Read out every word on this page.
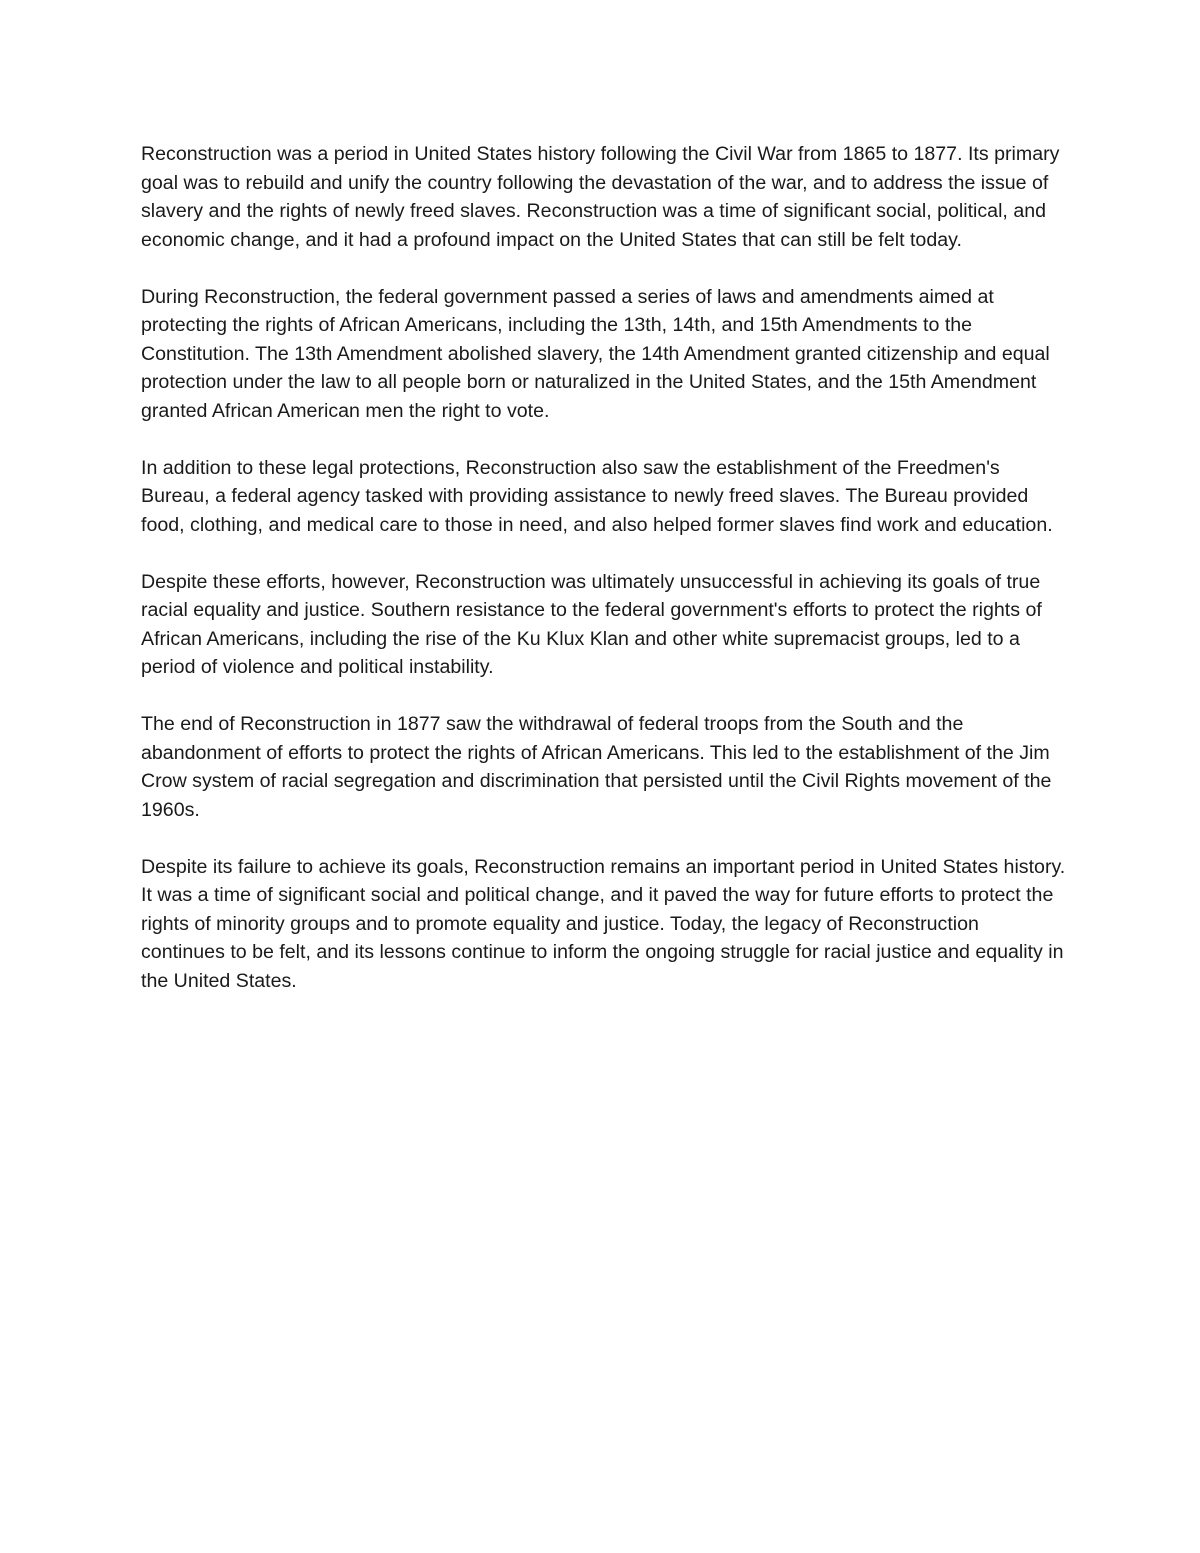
Reconstruction was a period in United States history following the Civil War from 1865 to 1877. Its primary goal was to rebuild and unify the country following the devastation of the war, and to address the issue of slavery and the rights of newly freed slaves. Reconstruction was a time of significant social, political, and economic change, and it had a profound impact on the United States that can still be felt today.

During Reconstruction, the federal government passed a series of laws and amendments aimed at protecting the rights of African Americans, including the 13th, 14th, and 15th Amendments to the Constitution. The 13th Amendment abolished slavery, the 14th Amendment granted citizenship and equal protection under the law to all people born or naturalized in the United States, and the 15th Amendment granted African American men the right to vote.

In addition to these legal protections, Reconstruction also saw the establishment of the Freedmen's Bureau, a federal agency tasked with providing assistance to newly freed slaves. The Bureau provided food, clothing, and medical care to those in need, and also helped former slaves find work and education.

Despite these efforts, however, Reconstruction was ultimately unsuccessful in achieving its goals of true racial equality and justice. Southern resistance to the federal government's efforts to protect the rights of African Americans, including the rise of the Ku Klux Klan and other white supremacist groups, led to a period of violence and political instability.

The end of Reconstruction in 1877 saw the withdrawal of federal troops from the South and the abandonment of efforts to protect the rights of African Americans. This led to the establishment of the Jim Crow system of racial segregation and discrimination that persisted until the Civil Rights movement of the 1960s.

Despite its failure to achieve its goals, Reconstruction remains an important period in United States history. It was a time of significant social and political change, and it paved the way for future efforts to protect the rights of minority groups and to promote equality and justice. Today, the legacy of Reconstruction continues to be felt, and its lessons continue to inform the ongoing struggle for racial justice and equality in the United States.
